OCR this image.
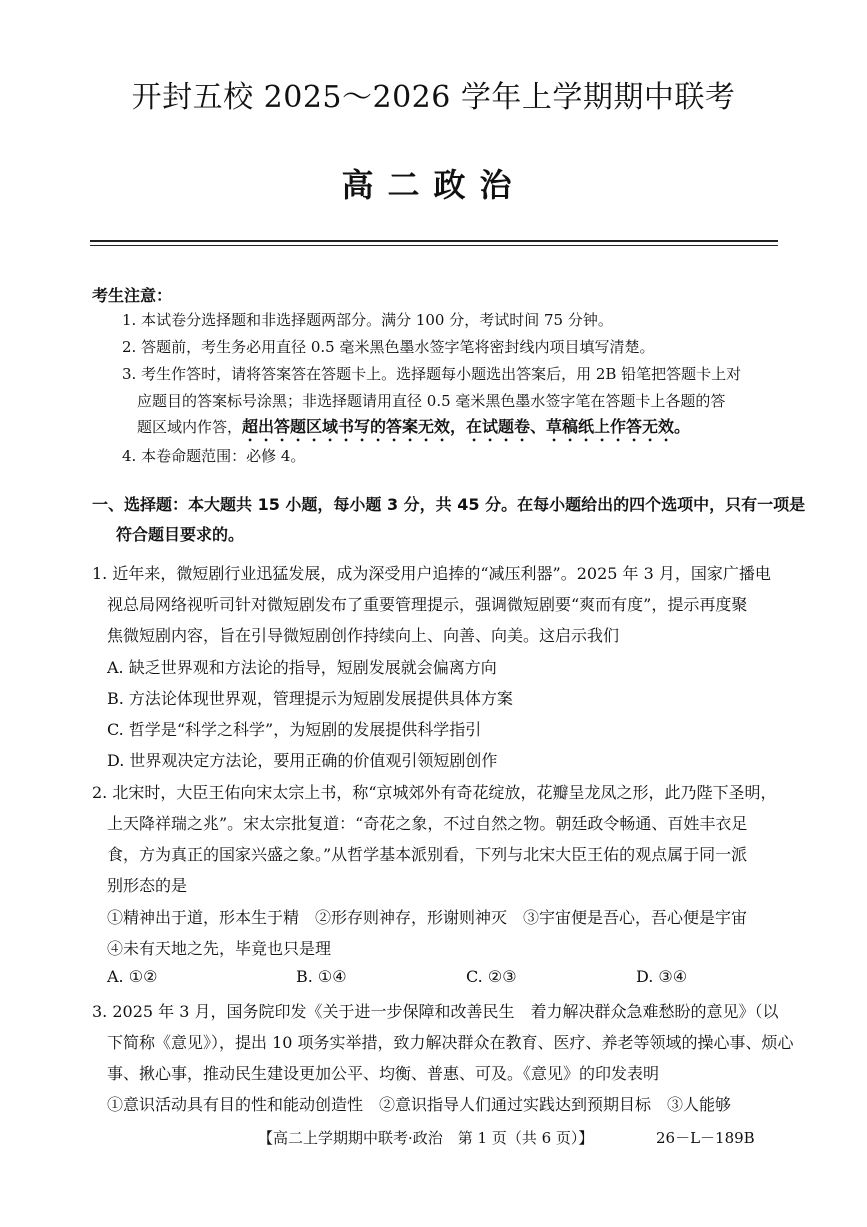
开封五校 2025～2026 学年上学期期中联考
高二政治
考生注意：
1. 本试卷分选择题和非选择题两部分。满分 100 分，考试时间 75 分钟。
2. 答题前，考生务必用直径 0.5 毫米黑色墨水签字笔将密封线内项目填写清楚。
3. 考生作答时，请将答案答在答题卡上。选择题每小题选出答案后，用 2B 铅笔把答题卡上对
应题目的答案标号涂黑；非选择题请用直径 0.5 毫米黑色墨水签字笔在答题卡上各题的答
题区域内作答，超出答题区域书写的答案无效，在试题卷、草稿纸上作答无效。
4. 本卷命题范围：必修 4。
一、选择题：本大题共 15 小题，每小题 3 分，共 45 分。在每小题给出的四个选项中，只有一项是
符合题目要求的。
1. 近年来，微短剧行业迅猛发展，成为深受用户追捧的“减压利器”。2025 年 3 月，国家广播电
视总局网络视听司针对微短剧发布了重要管理提示，强调微短剧要“爽而有度”，提示再度聚
焦微短剧内容，旨在引导微短剧创作持续向上、向善、向美。这启示我们
A. 缺乏世界观和方法论的指导，短剧发展就会偏离方向
B. 方法论体现世界观，管理提示为短剧发展提供具体方案
C. 哲学是“科学之科学”，为短剧的发展提供科学指引
D. 世界观决定方法论，要用正确的价值观引领短剧创作
2. 北宋时，大臣王佑向宋太宗上书，称“京城郊外有奇花绽放，花瓣呈龙凤之形，此乃陛下圣明，
上天降祥瑞之兆”。宋太宗批复道：“奇花之象，不过自然之物。朝廷政令畅通、百姓丰衣足
食，方为真正的国家兴盛之象。”从哲学基本派别看，下列与北宋大臣王佑的观点属于同一派
别形态的是
①精神出于道，形本生于精　②形存则神存，形谢则神灭　③宇宙便是吾心，吾心便是宇宙
④未有天地之先，毕竟也只是理
A. ①②	B. ①④	C. ②③	D. ③④
3. 2025 年 3 月，国务院印发《关于进一步保障和改善民生　着力解决群众急难愁盼的意见》（以
下简称《意见》），提出 10 项务实举措，致力解决群众在教育、医疗、养老等领域的操心事、烦心
事、揪心事，推动民生建设更加公平、均衡、普惠、可及。《意见》的印发表明
①意识活动具有目的性和能动创造性　②意识指导人们通过实践达到预期目标　③人能够
【高二上学期期中联考·政治　第 1 页（共 6 页）】	26－L－189B
